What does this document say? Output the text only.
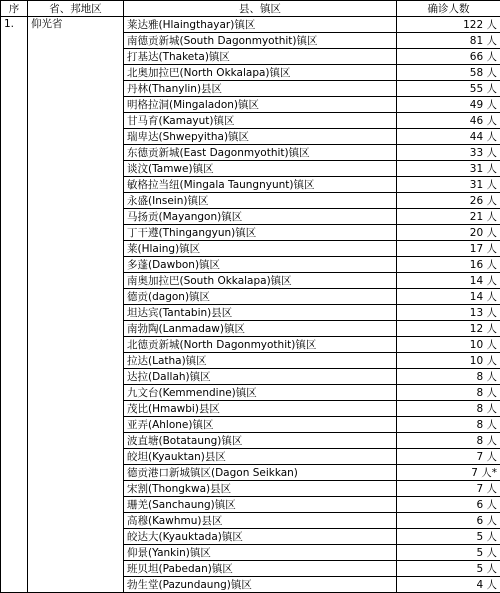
序	省、邦地区	县、镇区	确诊人数
1.	仰光省	莱达雅(Hlaingthayar)镇区	122 人
		南德贡新城(South Dagonmyothit)镇区	81 人
		打基达(Thaketa)镇区	66 人
		北奥加拉巴(North Okkalapa)镇区	58 人
		丹林(Thanylin)县区	55 人
		明格拉洞(Mingaladon)镇区	49 人
		甘马育(Kamayut)镇区	46 人
		瑞卑达(Shwepyitha)镇区	44 人
		东德贡新城(East Dagonmyothit)镇区	33 人
		谈汶(Tamwe)镇区	31 人
		敏格拉当纽(Mingala Taungnyunt)镇区	31 人
		永盛(Insein)镇区	26 人
		马扬贡(Mayangon)镇区	21 人
		丁干遵(Thingangyun)镇区	20 人
		莱(Hlaing)镇区	17 人
		多蓬(Dawbon)镇区	16 人
		南奥加拉巴(South Okkalapa)镇区	14 人
		德贡(dagon)镇区	14 人
		坦达宾(Tantabin)县区	13 人
		南勃陶(Lanmadaw)镇区	12 人
		北德贡新城(North Dagonmyothit)镇区	10 人
		拉达(Latha)镇区	10 人
		达拉(Dallah)镇区	8 人
		九文台(Kemmendine)镇区	8 人
		茂比(Hmawbi)县区	8 人
		亚弄(Ahlone)镇区	8 人
		波直塘(Botataung)镇区	8 人
		皎坦(Kyauktan)县区	7 人
		德贡港口新城镇区(Dagon Seikkan)	7 人*
		宋割(Thongkwa)县区	7 人
		珊羌(Sanchaung)镇区	6 人
		高穆(Kawhmu)县区	6 人
		皎达大(Kyauktada)镇区	5 人
		仰景(Yankin)镇区	5 人
		班贝坦(Pabedan)镇区	5 人
		勃生堂(Pazundaung)镇区	4 人
